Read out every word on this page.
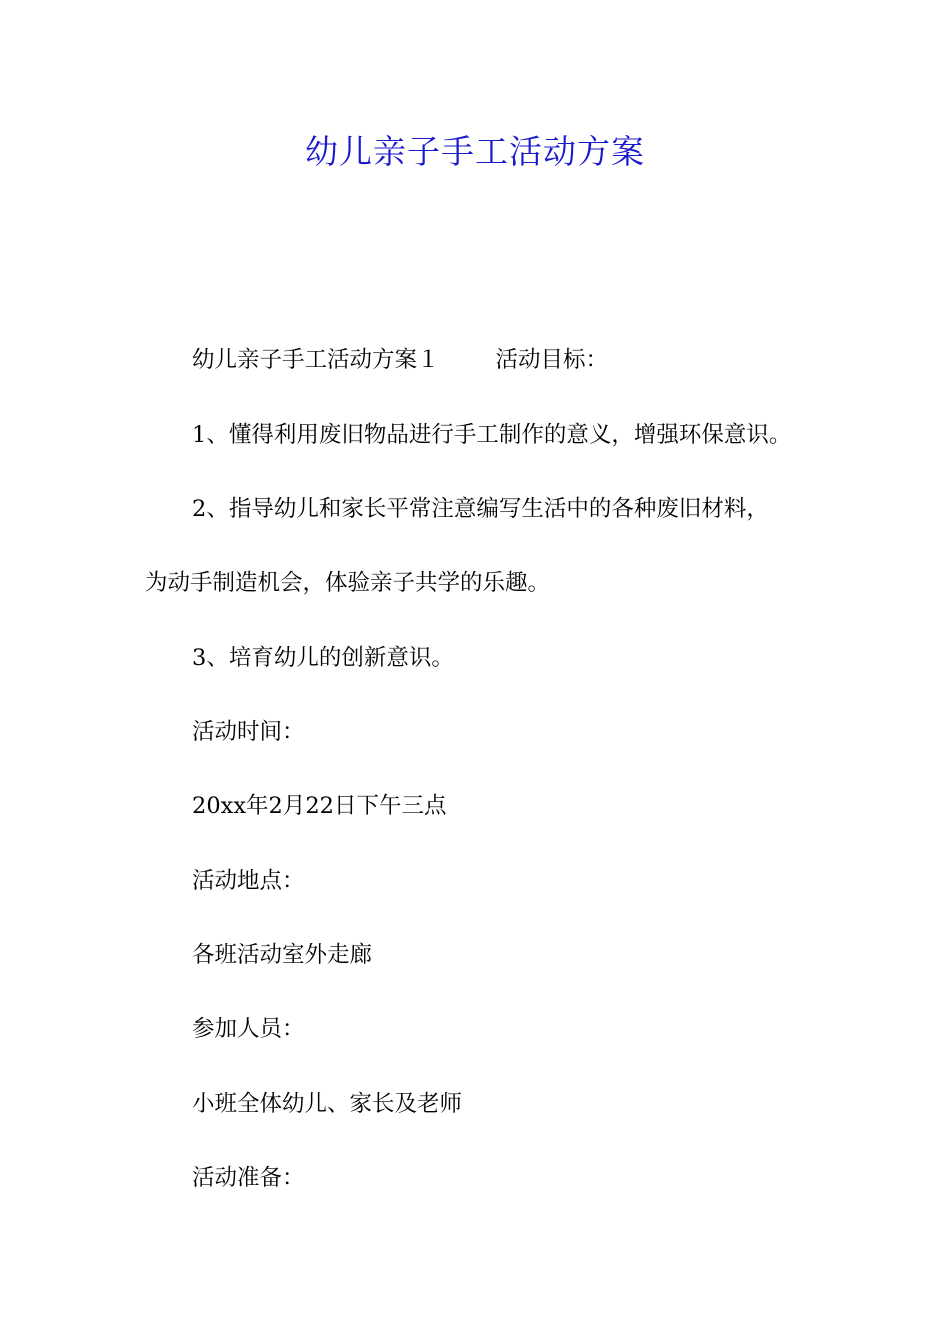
幼儿亲子手工活动方案

幼儿亲子手工活动方案１ 活动目标：

1、懂得利用废旧物品进行手工制作的意义，增强环保意识。

2、指导幼儿和家长平常注意编写生活中的各种废旧材料，

为动手制造机会，体验亲子共学的乐趣。

3、培育幼儿的创新意识。

活动时间：

20xx年2月22日下午三点

活动地点：

各班活动室外走廊

参加人员：

小班全体幼儿、家长及老师

活动准备：
